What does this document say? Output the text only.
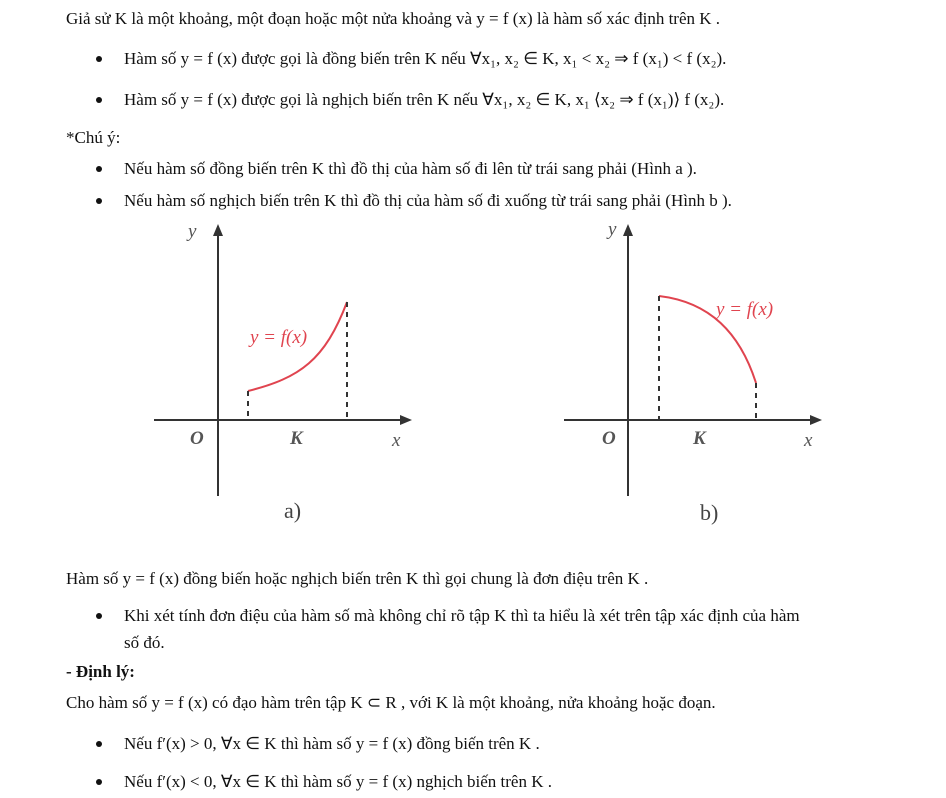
Giả sử K là một khoảng, một đoạn hoặc một nửa khoảng và y = f (x) là hàm số xác định trên K .
Hàm số y = f (x) được gọi là đồng biến trên K nếu ∀x₁, x₂ ∈ K, x₁ < x₂ ⇒ f (x₁) < f (x₂).
Hàm số y = f (x) được gọi là nghịch biến trên K nếu ∀x₁, x₂ ∈ K, x₁ ⟨x₂ ⇒ f (x₁)⟩ f (x₂).
*Chú ý:
Nếu hàm số đồng biến trên K thì đồ thị của hàm số đi lên từ trái sang phải (Hình a ).
Nếu hàm số nghịch biến trên K thì đồ thị của hàm số đi xuống từ trái sang phải (Hình b ).
y
O	K	x
y = f(x)
a)
y
O	K	x
y = f(x)
b)
Hàm số y = f (x) đồng biến hoặc nghịch biến trên K thì gọi chung là đơn điệu trên K .
Khi xét tính đơn điệu của hàm số mà không chỉ rõ tập K thì ta hiểu là xét trên tập xác định của hàm
số đó.
- Định lý:
Cho hàm số y = f (x) có đạo hàm trên tập K ⊂ R , với K là một khoảng, nửa khoảng hoặc đoạn.
Nếu f′(x) > 0, ∀x ∈ K thì hàm số y = f (x) đồng biến trên K .
Nếu f′(x) < 0, ∀x ∈ K thì hàm số y = f (x) nghịch biến trên K .
